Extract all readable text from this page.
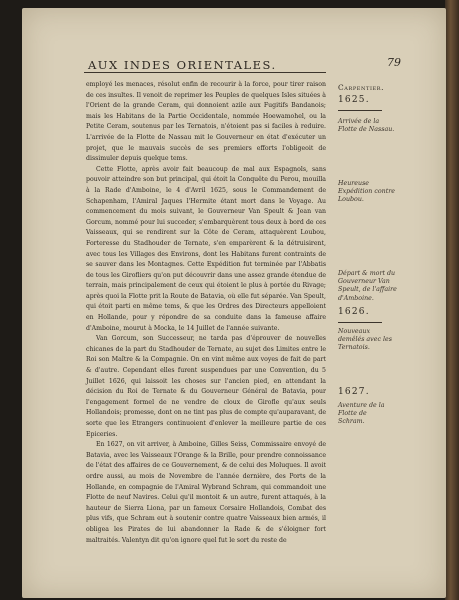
AUX INDES ORIENTALES.	79

employé les menaces, résolut enfin de recourir à la force, pour tirer raison de ces insultes. Il venoit de reprimer les Peuples de quelques Isles situées à l'Orient de la grande Ceram, qui donnoient azile aux Fugitifs Bandanois; mais les Habitans de la Partie Occidentale, nommée Hoewamohel, ou la Petite Ceram, soutenus par les Ternatois, n'étoient pas si faciles à reduire. L'arrivée de la Flotte de Nassau mit le Gouverneur en état d'exécuter un projet, que le mauvais succès de ses premiers efforts l'obligeoit de dissimuler depuis quelque tems.

Cette Flotte, après avoir fait beaucoup de mal aux Espagnols, sans pouvoir atteindre son but principal, qui étoit la Conquête du Perou, mouilla à la Rade d'Amboine, le 4 d'Avril 1625, sous le Commandement de Schapenham, l'Amiral Jaques l'Hermite étant mort dans le Voyage. Au commencement du mois suivant, le Gouverneur Van Speult & Jean van Gorcum, nommé pour lui succeder, s'embarquèrent tous deux à bord de ces Vaisseaux, qui se rendirent sur la Côte de Ceram, attaquèrent Loubou, Forteresse du Stadhouder de Ternate, s'en emparèrent & la détruisirent, avec tous les Villages des Environs, dont les Habitans furent contraints de se sauver dans les Montagnes. Cette Expédition fut terminée par l'Abbatis de tous les Girofliers qu'on put découvrir dans une assez grande étendue de terrain, mais principalement de ceux qui étoient le plus à portée du Rivage; après quoi la Flotte prit la Route de Batavia, où elle fut séparée. Van Speult, qui étoit parti en même tems, & que les Ordres des Directeurs appelloient en Hollande, pour y répondre de sa conduite dans la fameuse affaire d'Amboine, mourut à Mocka, le 14 Juillet de l'année suivante.

Van Gorcum, son Successeur, ne tarda pas d'éprouver de nouvelles chicanes de la part du Stadhouder de Ternate, au sujet des Limites entre le Roi son Maître & la Compagnie. On en vint même aux voyes de fait de part & d'autre. Cependant elles furent suspendues par une Convention, du 5 Juillet 1626, qui laissoit les choses sur l'ancien pied, en attendant la décision du Roi de Ternate & du Gouverneur Général de Batavia, pour l'engagement formel de ne vendre de cloux de Girofle qu'aux seuls Hollandois; promesse, dont on ne tint pas plus de compte qu'auparavant, de sorte que les Etrangers continuoient d'enlever la meilleure partie de ces Epiceries.

En 1627, on vit arriver, à Amboine, Gilles Seiss, Commissaire envoyé de Batavia, avec les Vaisseaux l'Orange & la Brille, pour prendre connoissance de l'état des affaires de ce Gouvernement, & de celui des Moluques. Il avoit ordre aussi, au mois de Novembre de l'année dernière, des Ports de la Hollande, en compagnie de l'Amiral Wybrand Schram, qui commandoit une Flotte de neuf Navires. Celui qu'il montoit & un autre, furent attaqués, à la hauteur de Sierra Liona, par un fameux Corsaire Hollandois, Combat des plus vifs, que Schram eut à soutenir contre quatre Vaisseaux bien armés, il obligea les Pirates de lui abandonner la Rade & de s'éloigner fort maltraités. Valentyn dit qu'on ignore quel fut le sort du reste de

Carpentier.
1625.
Arrivée de la Flotte de Nassau.
Heureuse Expédition contre Loubou.
Départ & mort du Gouverneur Van Speult, de l'affaire d'Amboine.
1626.
Nouveaux demêlés avec les Ternatois.
1627.
Aventure de la Flotte de Schram.
